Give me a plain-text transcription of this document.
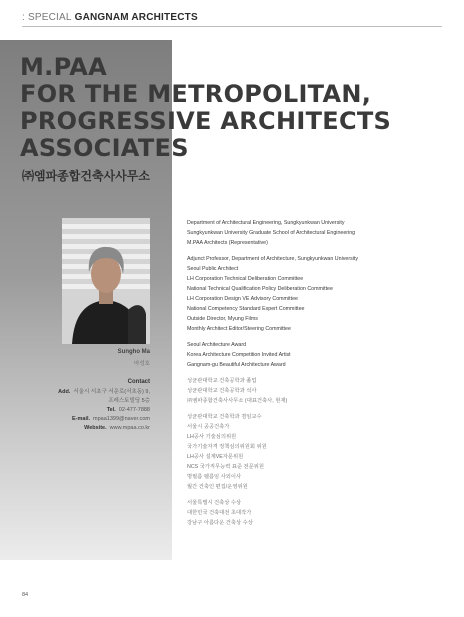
: SPECIAL GANGNAM ARCHITECTS
M.PAA
FOR THE METROPOLITAN,
PROGRESSIVE ARCHITECTS
ASSOCIATES
㈜엠파종합건축사사무소
Sungho Ma
마성호
Contact
Add. 서울시 서초구 서운로(서초동) 9,
프레스토빌딩 5층
Tel. 02-477-7888
E-mail. mpaa1399@naver.com
Website. www.mpaa.co.kr
Department of Architectural Engineering, Sungkyunkwan University
Sungkyunkwan University Graduate School of Architectural Engineering
M.PAA Architects (Representative)
Adjunct Professor, Department of Architecture, Sungkyunkwan University
Seoul Public Architect
LH Corporation Technical Deliberation Committee
National Technical Qualification Policy Deliberation Committee
LH Corporation Design VE Advisory Committee
National Competency Standard Expert Committee
Outside Director, Myung Films
Monthly Architect Editor/Steering Committee
Seoul Architecture Award
Korea Architecture Competition Invited Artist
Gangnam-gu Beautiful Architecture Award
성균관대학교 건축공학과 졸업
성균관대학교 건축공학과 석사
㈜엠파종합건축사사무소 (대표건축사, 현재)
성균관대학교 건축학과 겸임교수
서울시 공공건축가
LH공사 기술심의위원
국가기술자격 정책심의위원회 위원
LH공사 설계VE자문위원
NCS 국가직무능력 표준 전문위원
명필름 펠름임 사외이사
월간 건축인 편집/운영위원
서울특별시 건축상 수상
대한민국 건축대전 초대작가
강남구 아름다운 건축상 수상
84
